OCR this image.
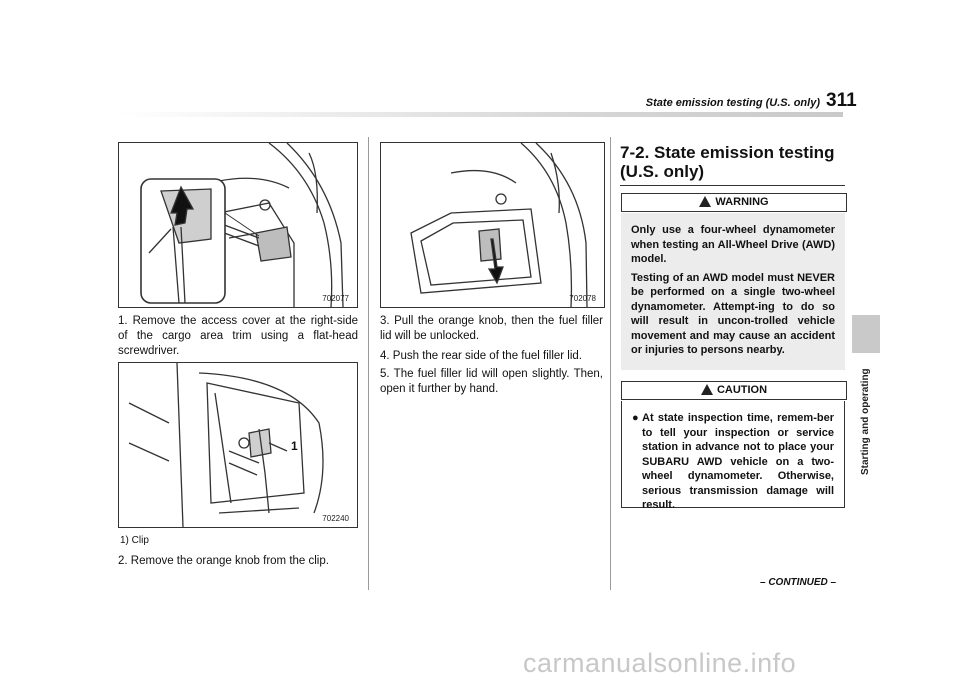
State emission testing (U.S. only) 311
Starting and operating
702077
1. Remove the access cover at the right-side of the cargo area trim using a flat-head screwdriver.
1
702240
1) Clip
2. Remove the orange knob from the clip.
702078
3. Pull the orange knob, then the fuel filler lid will be unlocked.
4. Push the rear side of the fuel filler lid.
5. The fuel filler lid will open slightly. Then, open it further by hand.
7-2. State emission testing (U.S. only)
WARNING
Only use a four-wheel dynamometer when testing an All-Wheel Drive (AWD) model.
Testing of an AWD model must NEVER be performed on a single two-wheel dynamometer. Attempt-ing to do so will result in uncon-trolled vehicle movement and may cause an accident or injuries to persons nearby.
CAUTION
● At state inspection time, remem-ber to tell your inspection or service station in advance not to place your SUBARU AWD vehicle on a two-wheel dynamometer. Otherwise, serious transmission damage will result.
– CONTINUED –
carmanualsonline.info
